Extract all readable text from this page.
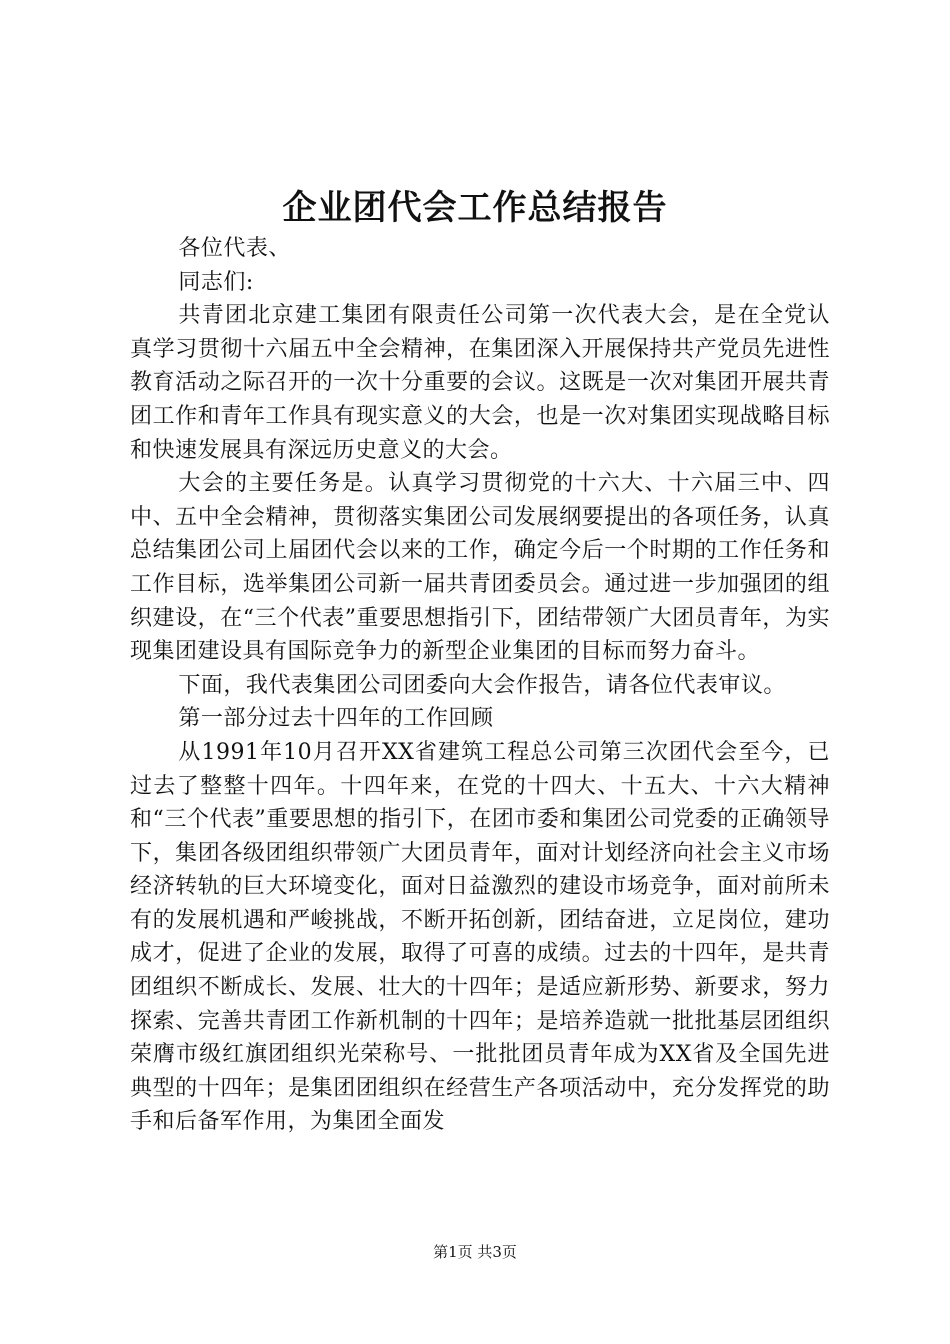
企业团代会工作总结报告

各位代表、

同志们:

共青团北京建工集团有限责任公司第一次代表大会，是在全党认真学习贯彻十六届五中全会精神，在集团深入开展保持共产党员先进性教育活动之际召开的一次十分重要的会议。这既是一次对集团开展共青团工作和青年工作具有现实意义的大会，也是一次对集团实现战略目标和快速发展具有深远历史意义的大会。

大会的主要任务是。认真学习贯彻党的十六大、十六届三中、四中、五中全会精神，贯彻落实集团公司发展纲要提出的各项任务，认真总结集团公司上届团代会以来的工作，确定今后一个时期的工作任务和工作目标，选举集团公司新一届共青团委员会。通过进一步加强团的组织建设，在“三个代表”重要思想指引下，团结带领广大团员青年，为实现集团建设具有国际竞争力的新型企业集团的目标而努力奋斗。

下面，我代表集团公司团委向大会作报告，请各位代表审议。

第一部分过去十四年的工作回顾

从1991年10月召开XX省建筑工程总公司第三次团代会至今，已过去了整整十四年。十四年来，在党的十四大、十五大、十六大精神和“三个代表”重要思想的指引下，在团市委和集团公司党委的正确领导下，集团各级团组织带领广大团员青年，面对计划经济向社会主义市场经济转轨的巨大环境变化，面对日益激烈的建设市场竞争，面对前所未有的发展机遇和严峻挑战，不断开拓创新，团结奋进，立足岗位，建功成才，促进了企业的发展，取得了可喜的成绩。过去的十四年，是共青团组织不断成长、发展、壮大的十四年；是适应新形势、新要求，努力探索、完善共青团工作新机制的十四年；是培养造就一批批基层团组织荣膺市级红旗团组织光荣称号、一批批团员青年成为XX省及全国先进典型的十四年；是集团团组织在经营生产各项活动中，充分发挥党的助手和后备军作用，为集团全面发

第1页 共3页
